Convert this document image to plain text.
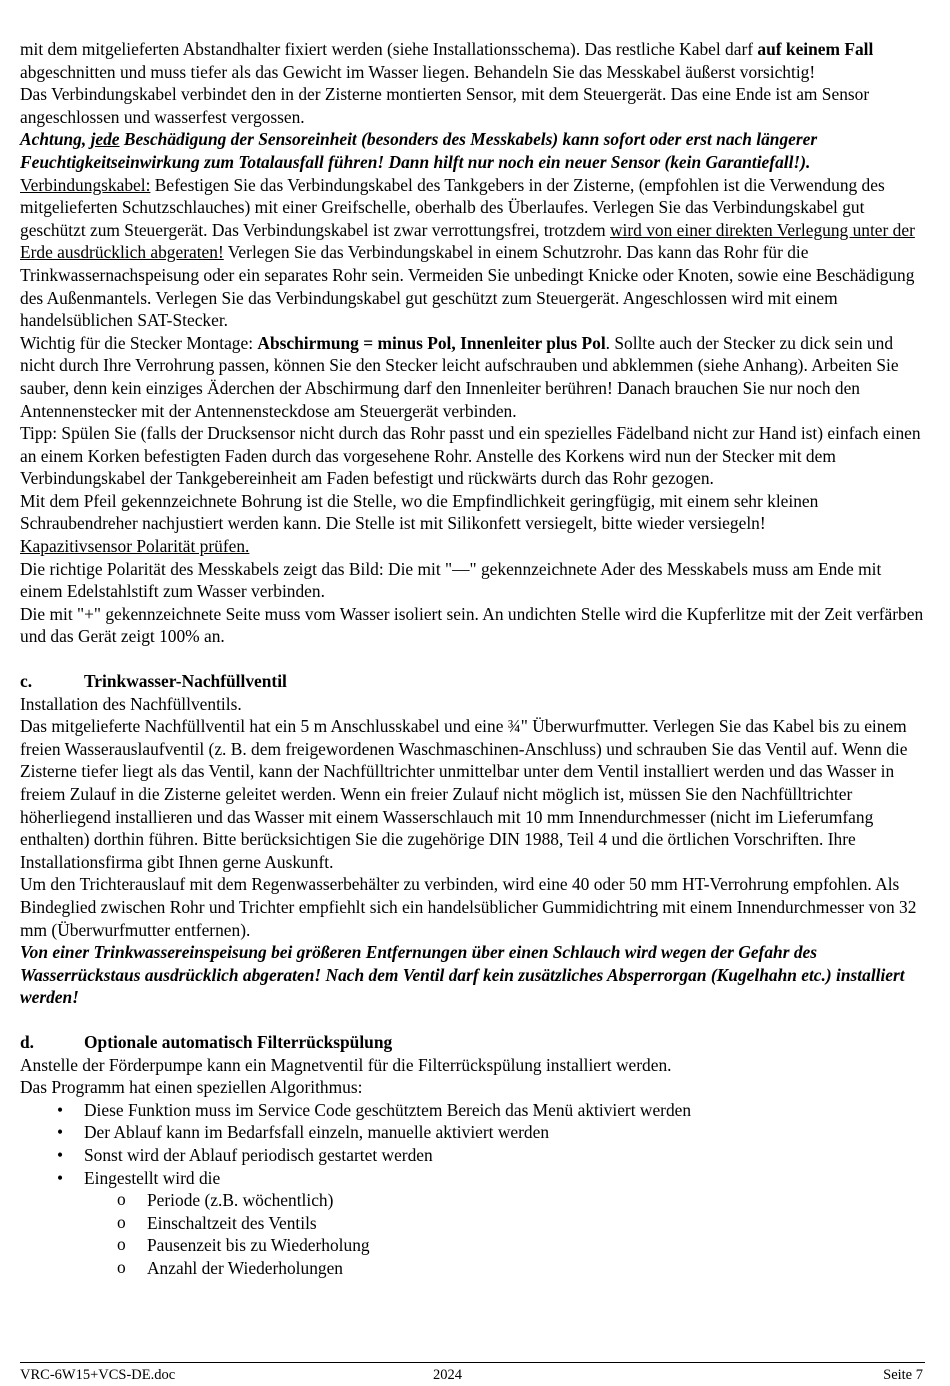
mit dem mitgelieferten Abstandhalter fixiert werden (siehe Installationsschema). Das restliche Kabel darf auf keinem Fall abgeschnitten und muss tiefer als das Gewicht im Wasser liegen. Behandeln Sie das Messkabel äußerst vorsichtig!

Das Verbindungskabel verbindet den in der Zisterne montierten Sensor, mit dem Steuergerät. Das eine Ende ist am Sensor angeschlossen und wasserfest vergossen.

Achtung, jede Beschädigung der Sensoreinheit (besonders des Messkabels) kann sofort oder erst nach längerer Feuchtigkeitseinwirkung zum Totalausfall führen! Dann hilft nur noch ein neuer Sensor (kein Garantiefall!).

Verbindungskabel: Befestigen Sie das Verbindungskabel des Tankgebers in der Zisterne, (empfohlen ist die Verwendung des mitgelieferten Schutzschlauches) mit einer Greifschelle, oberhalb des Überlaufes. Verlegen Sie das Verbindungskabel gut geschützt zum Steuergerät. Das Verbindungskabel ist zwar verrottungsfrei, trotzdem wird von einer direkten Verlegung unter der Erde ausdrücklich abgeraten! Verlegen Sie das Verbindungskabel in einem Schutzrohr. Das kann das Rohr für die Trinkwassernachspeisung oder ein separates Rohr sein. Vermeiden Sie unbedingt Knicke oder Knoten, sowie eine Beschädigung des Außenmantels. Verlegen Sie das Verbindungskabel gut geschützt zum Steuergerät. Angeschlossen wird mit einem handelsüblichen SAT-Stecker.

Wichtig für die Stecker Montage: Abschirmung = minus Pol, Innenleiter plus Pol. Sollte auch der Stecker zu dick sein und nicht durch Ihre Verrohrung passen, können Sie den Stecker leicht aufschrauben und abklemmen (siehe Anhang). Arbeiten Sie sauber, denn kein einziges Äderchen der Abschirmung darf den Innenleiter berühren! Danach brauchen Sie nur noch den Antennenstecker mit der Antennensteckdose am Steuergerät verbinden.

Tipp: Spülen Sie (falls der Drucksensor nicht durch das Rohr passt und ein spezielles Fädelband nicht zur Hand ist) einfach einen an einem Korken befestigten Faden durch das vorgesehene Rohr. Anstelle des Korkens wird nun der Stecker mit dem Verbindungskabel der Tankgebereinheit am Faden befestigt und rückwärts durch das Rohr gezogen.

Mit dem Pfeil gekennzeichnete Bohrung ist die Stelle, wo die Empfindlichkeit geringfügig, mit einem sehr kleinen Schraubendreher nachjustiert werden kann. Die Stelle ist mit Silikonfett versiegelt, bitte wieder versiegeln!

Kapazitivsensor Polarität prüfen.

Die richtige Polarität des Messkabels zeigt das Bild: Die mit "—" gekennzeichnete Ader des Messkabels muss am Ende mit einem Edelstahlstift zum Wasser verbinden.

Die mit "+" gekennzeichnete Seite muss vom Wasser isoliert sein. An undichten Stelle wird die Kupferlitze mit der Zeit verfärben und das Gerät zeigt 100% an.

c.	Trinkwasser-Nachfüllventil

Installation des Nachfüllventils.

Das mitgelieferte Nachfüllventil hat ein 5 m Anschlusskabel und eine ¾" Überwurfmutter. Verlegen Sie das Kabel bis zu einem freien Wasserauslaufventil (z. B. dem freigewordenen Waschmaschinen-Anschluss) und schrauben Sie das Ventil auf. Wenn die Zisterne tiefer liegt als das Ventil, kann der Nachfülltrichter unmittelbar unter dem Ventil installiert werden und das Wasser in freiem Zulauf in die Zisterne geleitet werden. Wenn ein freier Zulauf nicht möglich ist, müssen Sie den Nachfülltrichter höherliegend installieren und das Wasser mit einem Wasserschlauch mit 10 mm Innendurchmesser (nicht im Lieferumfang enthalten) dorthin führen. Bitte berücksichtigen Sie die zugehörige DIN 1988, Teil 4 und die örtlichen Vorschriften. Ihre Installationsfirma gibt Ihnen gerne Auskunft.

Um den Trichterauslauf mit dem Regenwasserbehälter zu verbinden, wird eine 40 oder 50 mm HT-Verrohrung empfohlen. Als Bindeglied zwischen Rohr und Trichter empfiehlt sich ein handelsüblicher Gummidichtring mit einem Innendurchmesser von 32 mm (Überwurfmutter entfernen).

Von einer Trinkwassereinspeisung bei größeren Entfernungen über einen Schlauch wird wegen der Gefahr des Wasserrückstaus ausdrücklich abgeraten! Nach dem Ventil darf kein zusätzliches Absperrorgan (Kugelhahn etc.) installiert werden!

d.	Optionale automatisch Filterrückspülung

Anstelle der Förderpumpe kann ein Magnetventil für die Filterrückspülung installiert werden.

Das Programm hat einen speziellen Algorithmus:

• Diese Funktion muss im Service Code geschütztem Bereich das Menü aktiviert werden
• Der Ablauf kann im Bedarfsfall einzeln, manuelle aktiviert werden
• Sonst wird der Ablauf periodisch gestartet werden
• Eingestellt wird die
o Periode (z.B. wöchentlich)
o Einschaltzeit des Ventils
o Pausenzeit bis zu Wiederholung
o Anzahl der Wiederholungen
VRC-6W15+VCS-DE.doc	2024	Seite 7
